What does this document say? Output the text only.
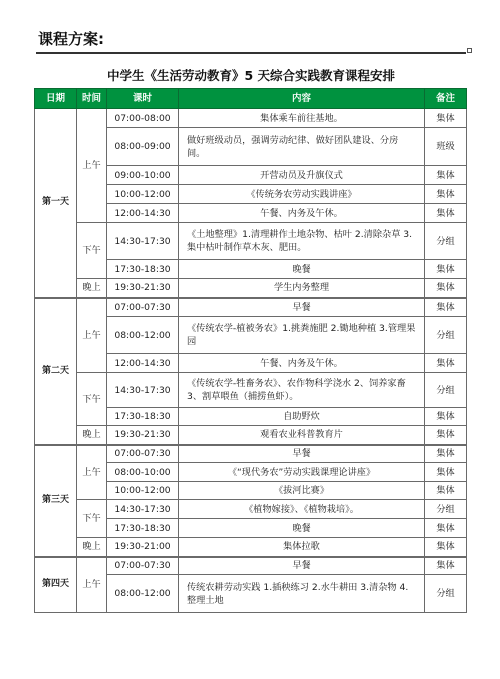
课程方案:
中学生《生活劳动教育》5 天综合实践教育课程安排
日期	时间	课时	内容	备注
第一天	上午	07:00-08:00	集体乘车前往基地。	集体
		08:00-09:00	做好班级动员，强调劳动纪律、做好团队建设、分房间。	班级
		09:00-10:00	开营动员及升旗仪式	集体
		10:00-12:00	《传统务农劳动实践讲座》	集体
		12:00-14:30	午餐、内务及午休。	集体
	下午	14:30-17:30	《土地整理》1.清理耕作土地杂物、枯叶 2.清除杂草 3.集中枯叶制作草木灰、肥田。	分组
		17:30-18:30	晚餐	集体
	晚上	19:30-21:30	学生内务整理	集体
第二天	上午	07:00-07:30	早餐	集体
		08:00-12:00	《传统农学-植被务农》1.挑粪施肥 2.锄地种植 3.管理果园	分组
		12:00-14:30	午餐、内务及午休。	集体
	下午	14:30-17:30	《传统农学-牲畜务农》、农作物科学浇水 2、饲养家畜 3、割草喂鱼（捕捞鱼虾）。	分组
		17:30-18:30	自助野炊	集体
	晚上	19:30-21:30	观看农业科普教育片	集体
第三天	上午	07:00-07:30	早餐	集体
		08:00-10:00	《“现代务农”劳动实践课理论讲座》	集体
		10:00-12:00	《拔河比赛》	集体
	下午	14:30-17:30	《植物嫁接》、《植物栽培》。	分组
		17:30-18:30	晚餐	集体
	晚上	19:30-21:00	集体拉歌	集体
第四天	上午	07:00-07:30	早餐	集体
		08:00-12:00	传统农耕劳动实践 1.插秧练习 2.水牛耕田 3.清杂物 4.整理土地	分组
